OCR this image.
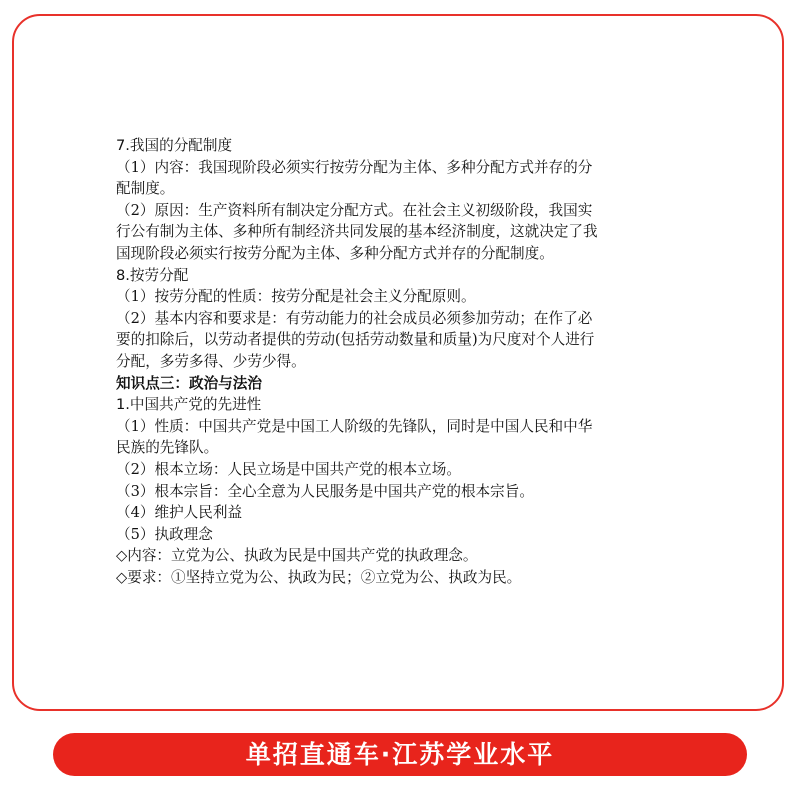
7.我国的分配制度
（1）内容：我国现阶段必须实行按劳分配为主体、多种分配方式并存的分
配制度。
（2）原因：生产资料所有制决定分配方式。在社会主义初级阶段，我国实
行公有制为主体、多种所有制经济共同发展的基本经济制度，这就决定了我
国现阶段必须实行按劳分配为主体、多种分配方式并存的分配制度。
8.按劳分配
（1）按劳分配的性质：按劳分配是社会主义分配原则。
（2）基本内容和要求是：有劳动能力的社会成员必须参加劳动；在作了必
要的扣除后，以劳动者提供的劳动(包括劳动数量和质量)为尺度对个人进行
分配，多劳多得、少劳少得。
知识点三：政治与法治
1.中国共产党的先进性
（1）性质：中国共产党是中国工人阶级的先锋队，同时是中国人民和中华
民族的先锋队。
（2）根本立场：人民立场是中国共产党的根本立场。
（3）根本宗旨：全心全意为人民服务是中国共产党的根本宗旨。
（4）维护人民利益
（5）执政理念
◇内容：立党为公、执政为民是中国共产党的执政理念。
◇要求：①坚持立党为公、执政为民；②立党为公、执政为民。
单招直通车·江苏学业水平
